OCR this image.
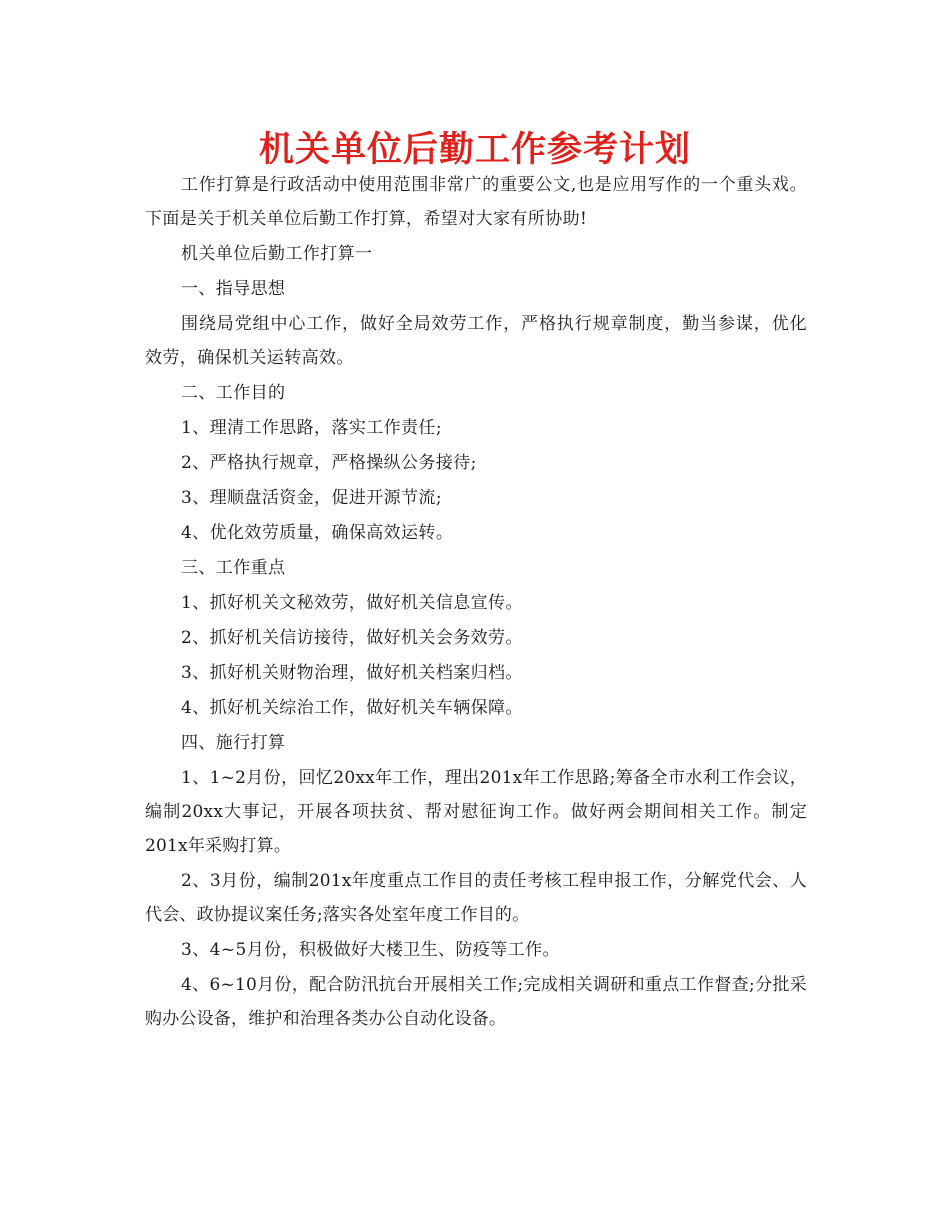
机关单位后勤工作参考计划

工作打算是行政活动中使用范围非常广的重要公文,也是应用写作的一个重头戏。下面是关于机关单位后勤工作打算，希望对大家有所协助!

机关单位后勤工作打算一

一、指导思想

围绕局党组中心工作，做好全局效劳工作，严格执行规章制度，勤当参谋，优化效劳，确保机关运转高效。

二、工作目的

1、理清工作思路，落实工作责任;

2、严格执行规章，严格操纵公务接待;

3、理顺盘活资金，促进开源节流;

4、优化效劳质量，确保高效运转。

三、工作重点

1、抓好机关文秘效劳，做好机关信息宣传。

2、抓好机关信访接待，做好机关会务效劳。

3、抓好机关财物治理，做好机关档案归档。

4、抓好机关综治工作，做好机关车辆保障。

四、施行打算

1、1~2月份，回忆20xx年工作，理出201x年工作思路;筹备全市水利工作会议，编制20xx大事记，开展各项扶贫、帮对慰征询工作。做好两会期间相关工作。制定201x年采购打算。

2、3月份，编制201x年度重点工作目的责任考核工程申报工作，分解党代会、人代会、政协提议案任务;落实各处室年度工作目的。

3、4~5月份，积极做好大楼卫生、防疫等工作。

4、6~10月份，配合防汛抗台开展相关工作;完成相关调研和重点工作督查;分批采购办公设备，维护和治理各类办公自动化设备。
